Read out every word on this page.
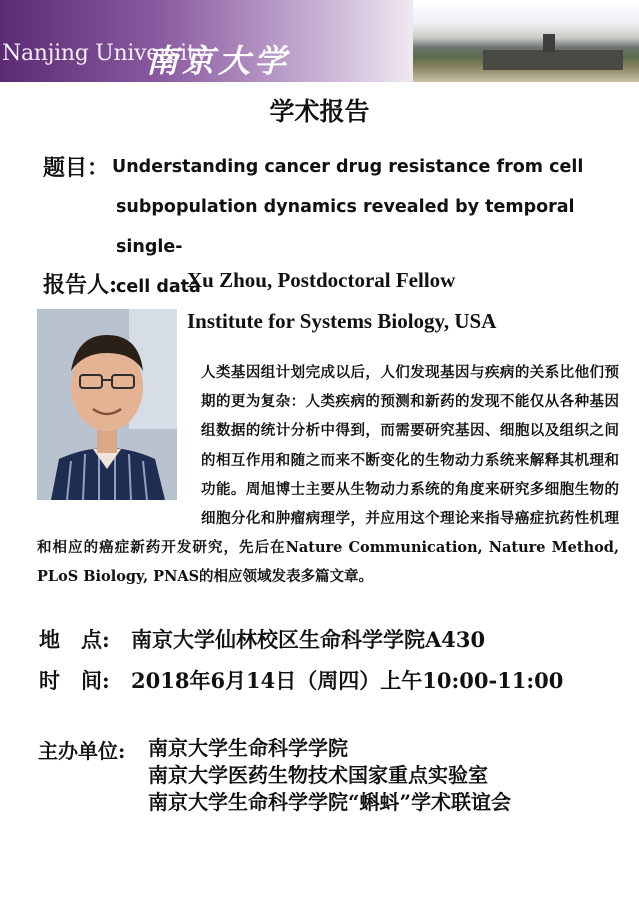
Nanjing University
南京大学
学术报告
题目： Understanding cancer drug resistance from cell
subpopulation dynamics revealed by temporal single-
cell data
报告人:	Xu Zhou, Postdoctoral Fellow
Institute for Systems Biology, USA
人类基因组计划完成以后，人们发现基因与疾病的关系比他们预期的更为复杂：人类疾病的预测和新药的发现不能仅从各种基因组数据的统计分析中得到，而需要研究基因、细胞以及组织之间的相互作用和随之而来不断变化的生物动力系统来解释其机理和功能。周旭博士主要从生物动力系统的角度来研究多细胞生物的细胞分化和肿瘤病理学，并应用这个理论来指导癌症抗药性机理和相应的癌症新药开发研究，先后在Nature Communication, Nature Method, PLoS Biology, PNAS的相应领域发表多篇文章。
地　点: 南京大学仙林校区生命科学学院A430
时　间: 2018年6月14日（周四）上午10:00-11:00
主办单位: 南京大学生命科学学院
南京大学医药生物技术国家重点实验室
南京大学生命科学学院“蝌蚪”学术联谊会
